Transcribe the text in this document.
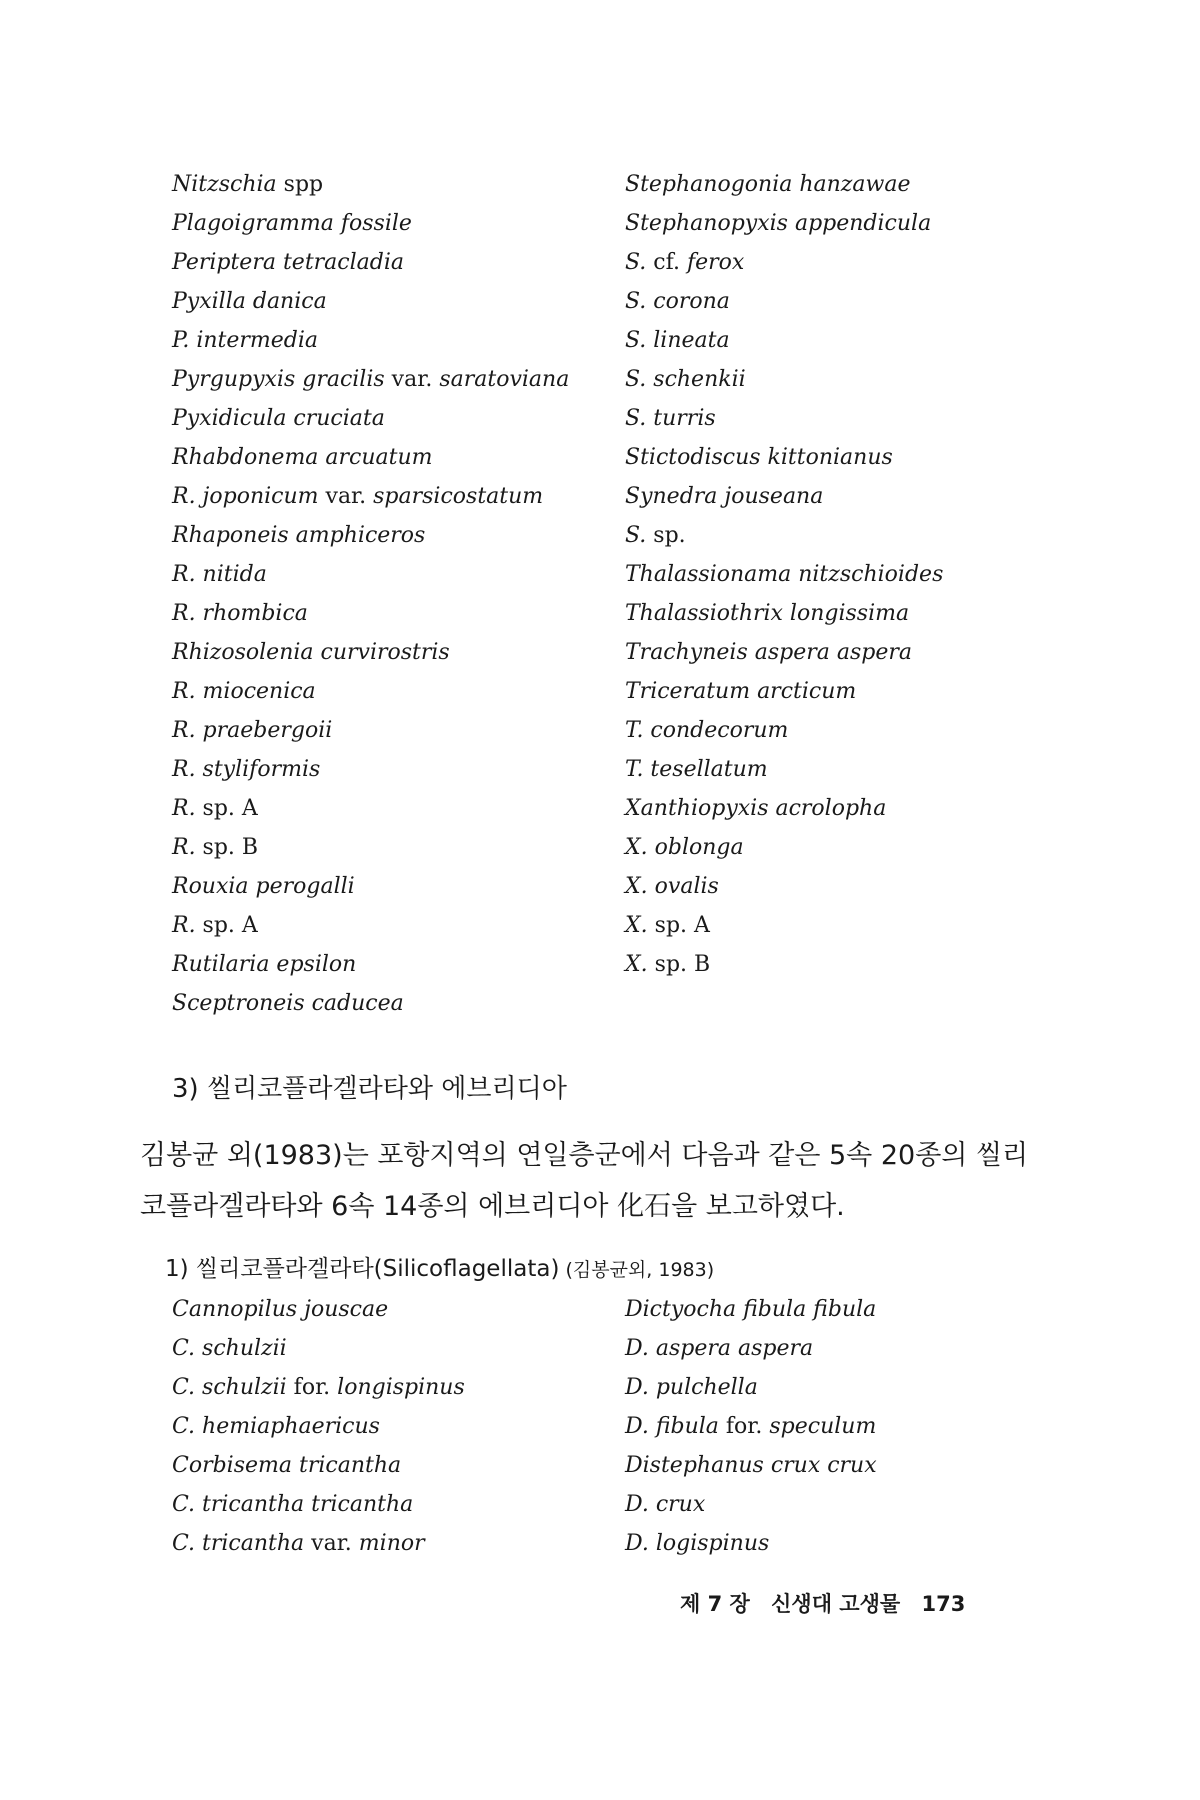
Nitzschia spp
Plagoigramma fossile
Periptera tetracladia
Pyxilla danica
P. intermedia
Pyrgupyxis gracilis var. saratoviana
Pyxidicula cruciata
Rhabdonema arcuatum
R. joponicum var. sparsicostatum
Rhaponeis amphiceros
R. nitida
R. rhombica
Rhizosolenia curvirostris
R. miocenica
R. praebergoii
R. styliformis
R. sp. A
R. sp. B
Rouxia perogalli
R. sp. A
Rutilaria epsilon
Sceptroneis caducea
Stephanogonia hanzawae
Stephanopyxis appendicula
S. cf. ferox
S. corona
S. lineata
S. schenkii
S. turris
Stictodiscus kittonianus
Synedra jouseana
S. sp.
Thalassionama nitzschioides
Thalassiothrix longissima
Trachyneis aspera aspera
Triceratum arcticum
T. condecorum
T. tesellatum
Xanthiopyxis acrolopha
X. oblonga
X. ovalis
X. sp. A
X. sp. B
3) 씰리코플라겔라타와 에브리디아

김봉균 외(1983)는 포항지역의 연일층군에서 다음과 같은 5속 20종의 씰리코플라겔라타와 6속 14종의 에브리디아 化石을 보고하였다.

1) 씰리코플라겔라타(Silicoflagellata) (김봉균외, 1983)
Cannopilus jouscae
C. schulzii
C. schulzii for. longispinus
C. hemiaphaericus
Corbisema tricantha
C. tricantha tricantha
C. tricantha var. minor
Dictyocha fibula fibula
D. aspera aspera
D. pulchella
D. fibula for. speculum
Distephanus crux crux
D. crux
D. logispinus
제 7 장 신생대 고생물 173
